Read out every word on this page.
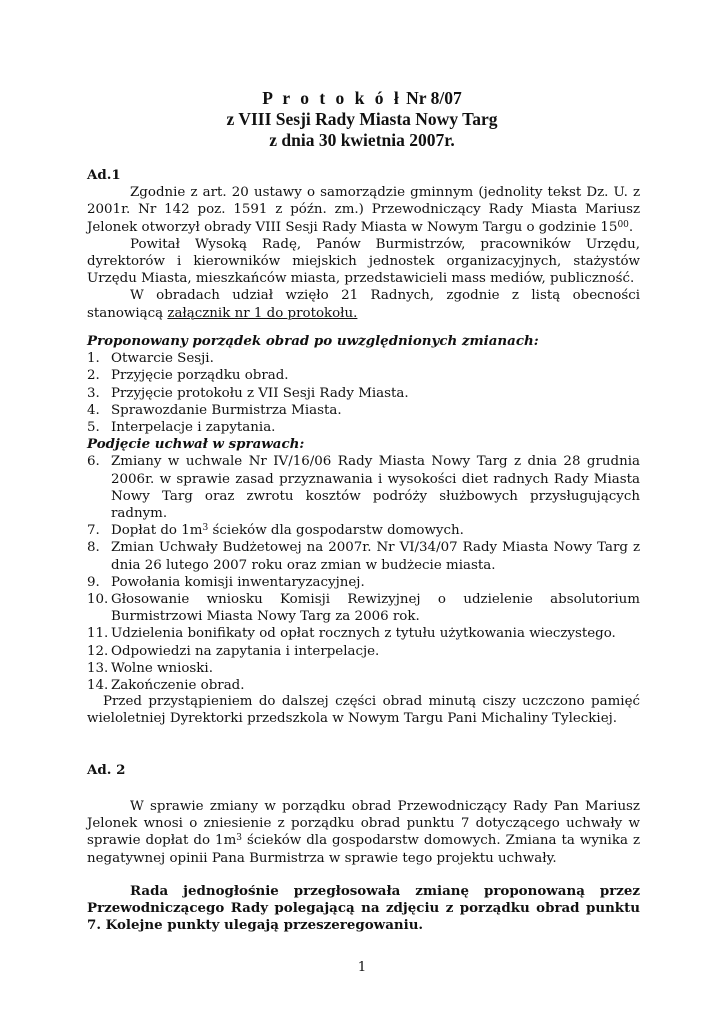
P r o t o k ó ł Nr 8/07
z VIII Sesji Rady Miasta Nowy Targ
z dnia 30 kwietnia 2007r.
Ad.1
Zgodnie z art. 20 ustawy o samorządzie gminnym (jednolity tekst Dz. U. z 2001r. Nr 142 poz. 1591 z późn. zm.) Przewodniczący Rady Miasta Mariusz Jelonek otworzył obrady VIII Sesji Rady Miasta w Nowym Targu o godzinie $15^{00}$.
Powitał Wysoką Radę, Panów Burmistrzów, pracowników Urzędu, dyrektorów i kierowników miejskich jednostek organizacyjnych, stażystów Urzędu Miasta, mieszkańców miasta, przedstawicieli mass mediów, publiczność.
W obradach udział wzięło 21 Radnych, zgodnie z listą obecności stanowiącą załącznik nr 1 do protokołu.
Proponowany porządek obrad po uwzględnionych zmianach:
1. Otwarcie Sesji.
2. Przyjęcie porządku obrad.
3. Przyjęcie protokołu z VII Sesji Rady Miasta.
4. Sprawozdanie Burmistrza Miasta.
5. Interpelacje i zapytania.
Podjęcie uchwał w sprawach:
6. Zmiany w uchwale Nr IV/16/06 Rady Miasta Nowy Targ z dnia 28 grudnia 2006r. w sprawie zasad przyznawania i wysokości diet radnych Rady Miasta Nowy Targ oraz zwrotu kosztów podróży służbowych przysługujących radnym.
7. Dopłat do $1m^3$ ścieków dla gospodarstw domowych.
8. Zmian Uchwały Budżetowej na 2007r. Nr VI/34/07 Rady Miasta Nowy Targ z dnia 26 lutego 2007 roku oraz zmian w budżecie miasta.
9. Powołania komisji inwentaryzacyjnej.
10. Głosowanie wniosku Komisji Rewizyjnej o udzielenie absolutorium Burmistrzowi Miasta Nowy Targ za 2006 rok.
11. Udzielenia bonifikaty od opłat rocznych z tytułu użytkowania wieczystego.
12. Odpowiedzi na zapytania i interpelacje.
13. Wolne wnioski.
14. Zakończenie obrad.
Przed przystąpieniem do dalszej części obrad minutą ciszy uczczono pamięć wieloletniej Dyrektorki przedszkola w Nowym Targu Pani Michaliny Tyleckiej.
Ad. 2
W sprawie zmiany w porządku obrad Przewodniczący Rady Pan Mariusz Jelonek wnosi o zniesienie z porządku obrad punktu 7 dotyczącego uchwały w sprawie dopłat do $1m^3$ ścieków dla gospodarstw domowych. Zmiana ta wynika z negatywnej opinii Pana Burmistrza w sprawie tego projektu uchwały.
Rada jednogłośnie przegłosowała zmianę proponowaną przez Przewodniczącego Rady polegającą na zdjęciu z porządku obrad punktu 7. Kolejne punkty ulegają przeszeregowaniu.
1
